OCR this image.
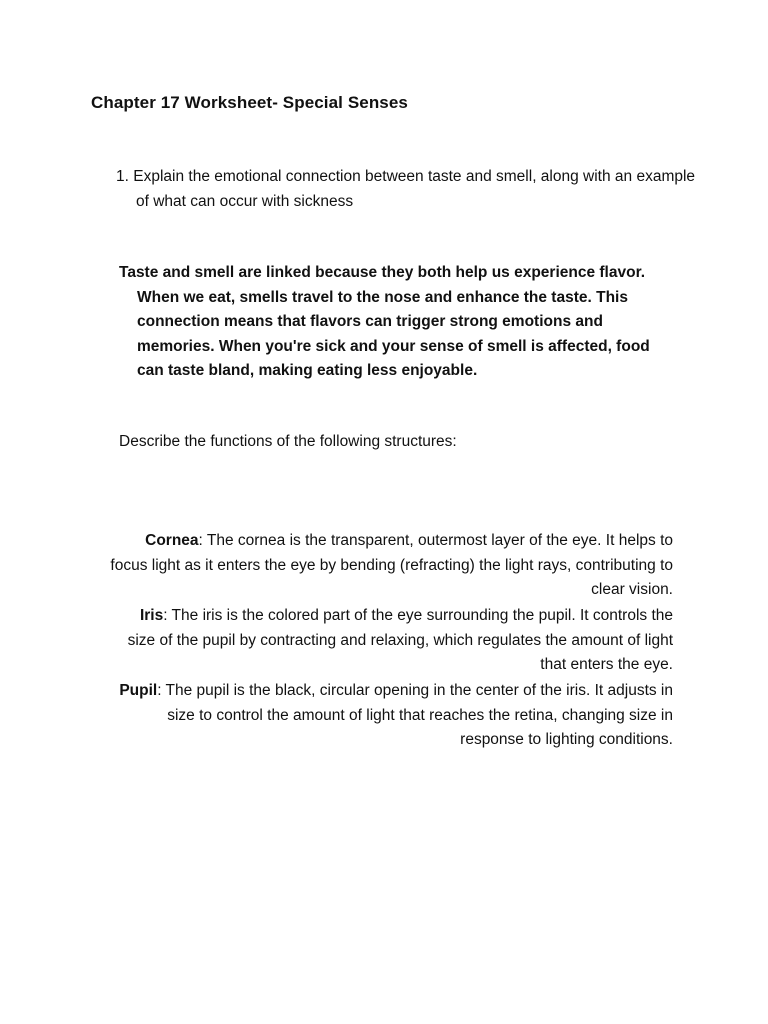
Chapter 17 Worksheet- Special Senses
1. Explain the emotional connection between taste and smell, along with an example of what can occur with sickness
Taste and smell are linked because they both help us experience flavor. When we eat, smells travel to the nose and enhance the taste. This connection means that flavors can trigger strong emotions and memories. When you're sick and your sense of smell is affected, food can taste bland, making eating less enjoyable.
Describe the functions of the following structures:

Cornea: The cornea is the transparent, outermost layer of the eye. It helps to focus light as it enters the eye by bending (refracting) the light rays, contributing to clear vision.

Iris: The iris is the colored part of the eye surrounding the pupil. It controls the size of the pupil by contracting and relaxing, which regulates the amount of light that enters the eye.

Pupil: The pupil is the black, circular opening in the center of the iris. It adjusts in size to control the amount of light that reaches the retina, changing size in response to lighting conditions.
